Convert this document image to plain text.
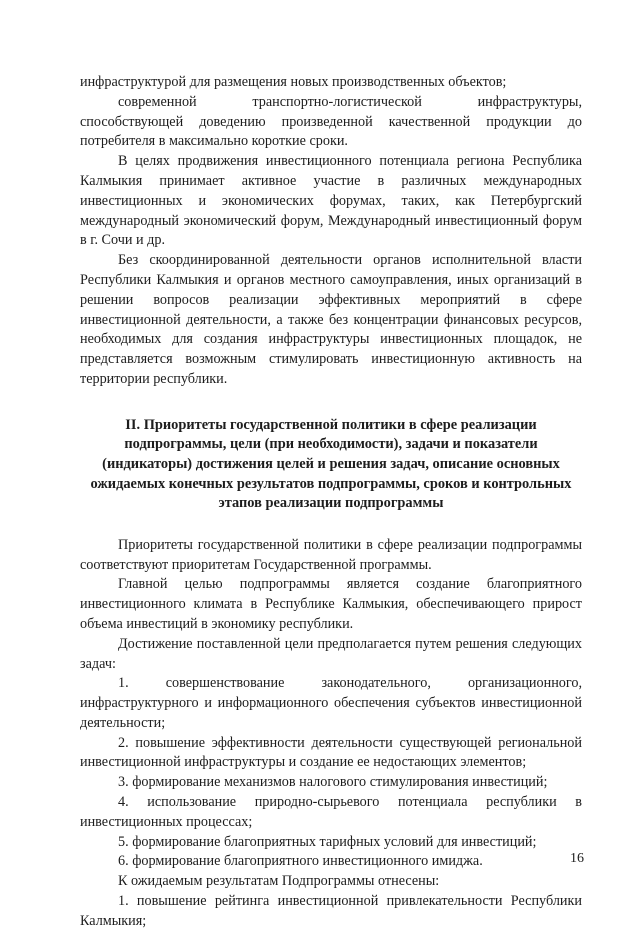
инфраструктурой для размещения новых производственных объектов;

современной транспортно-логистической инфраструктуры, способствующей доведению произведенной качественной продукции до потребителя в максимально короткие сроки.

В целях продвижения инвестиционного потенциала региона Республика Калмыкия принимает активное участие в различных международных инвестиционных и экономических форумах, таких, как Петербургский международный экономический форум, Международный инвестиционный форум в г. Сочи и др.

Без скоординированной деятельности органов исполнительной власти Республики Калмыкия и органов местного самоуправления, иных организаций в решении вопросов реализации эффективных мероприятий в сфере инвестиционной деятельности, а также без концентрации финансовых ресурсов, необходимых для создания инфраструктуры инвестиционных площадок, не представляется возможным стимулировать инвестиционную активность на территории республики.

II. Приоритеты государственной политики в сфере реализации подпрограммы, цели (при необходимости), задачи и показатели (индикаторы) достижения целей и решения задач, описание основных ожидаемых конечных результатов подпрограммы, сроков и контрольных этапов реализации подпрограммы

Приоритеты государственной политики в сфере реализации подпрограммы соответствуют приоритетам Государственной программы.

Главной целью подпрограммы является создание благоприятного инвестиционного климата в Республике Калмыкия, обеспечивающего прирост объема инвестиций в экономику республики.

Достижение поставленной цели предполагается путем решения следующих задач:

1. совершенствование законодательного, организационного, инфраструктурного и информационного обеспечения субъектов инвестиционной деятельности;

2. повышение эффективности деятельности существующей региональной инвестиционной инфраструктуры и создание ее недостающих элементов;

3. формирование механизмов налогового стимулирования инвестиций;

4. использование природно-сырьевого потенциала республики в инвестиционных процессах;

5. формирование благоприятных тарифных условий для инвестиций;

6. формирование благоприятного инвестиционного имиджа.

К ожидаемым результатам Подпрограммы отнесены:

1. повышение рейтинга инвестиционной привлекательности Республики Калмыкия;

16
